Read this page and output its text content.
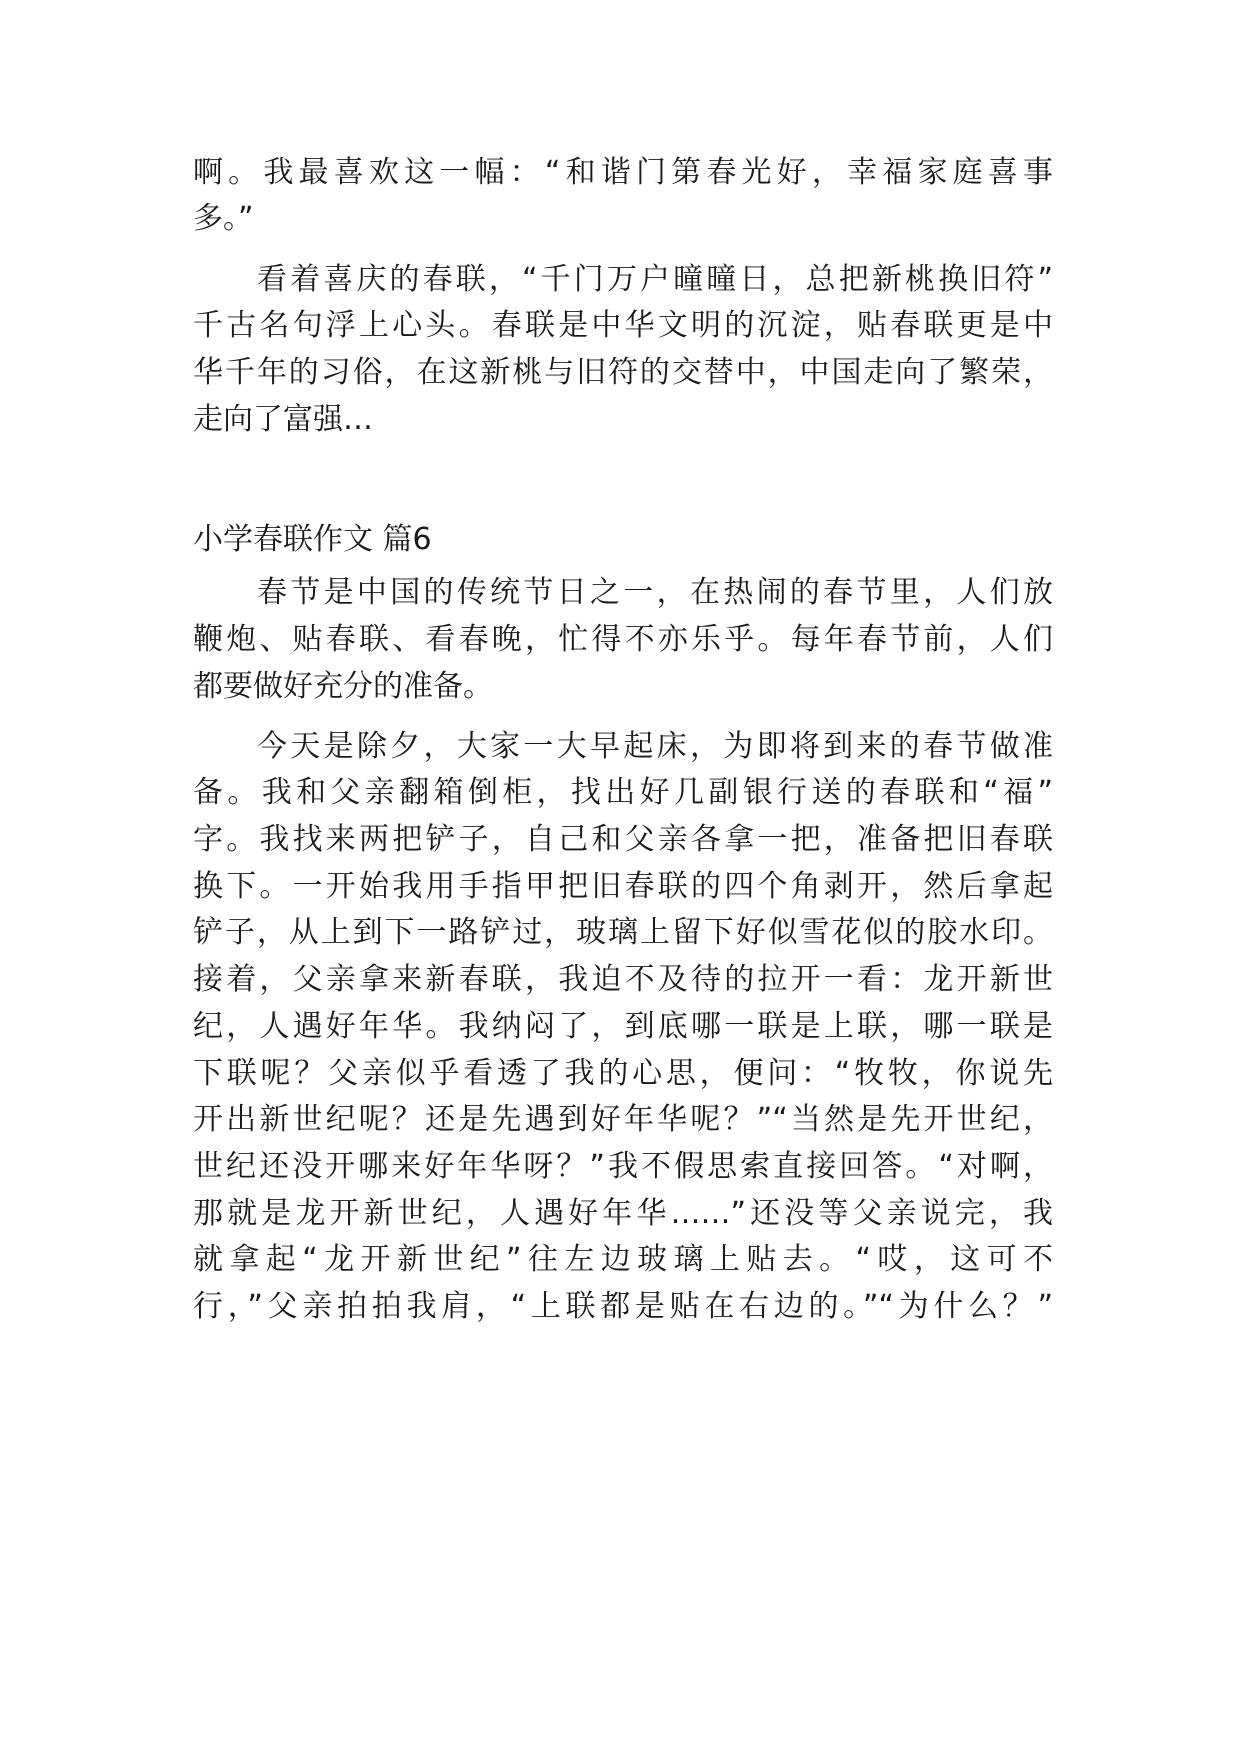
啊。我最喜欢这一幅：“和谐门第春光好，幸福家庭喜事
多。”
看着喜庆的春联，“千门万户曈曈日，总把新桃换旧符”
千古名句浮上心头。春联是中华文明的沉淀，贴春联更是中
华千年的习俗，在这新桃与旧符的交替中，中国走向了繁荣，
走向了富强…
小学春联作文 篇6
春节是中国的传统节日之一，在热闹的春节里，人们放
鞭炮、贴春联、看春晚，忙得不亦乐乎。每年春节前，人们
都要做好充分的准备。
今天是除夕，大家一大早起床，为即将到来的春节做准
备。我和父亲翻箱倒柜，找出好几副银行送的春联和“福”
字。我找来两把铲子，自己和父亲各拿一把，准备把旧春联
换下。一开始我用手指甲把旧春联的四个角剥开，然后拿起
铲子，从上到下一路铲过，玻璃上留下好似雪花似的胶水印。
接着，父亲拿来新春联，我迫不及待的拉开一看：龙开新世
纪，人遇好年华。我纳闷了，到底哪一联是上联，哪一联是
下联呢？父亲似乎看透了我的心思，便问：“牧牧，你说先
开出新世纪呢？还是先遇到好年华呢？”“当然是先开世纪，
世纪还没开哪来好年华呀？”我不假思索直接回答。“对啊，
那就是龙开新世纪，人遇好年华……”还没等父亲说完，我
就拿起“龙开新世纪”往左边玻璃上贴去。“哎，这可不
行，”父亲拍拍我肩，“上联都是贴在右边的。”“为什么？”
